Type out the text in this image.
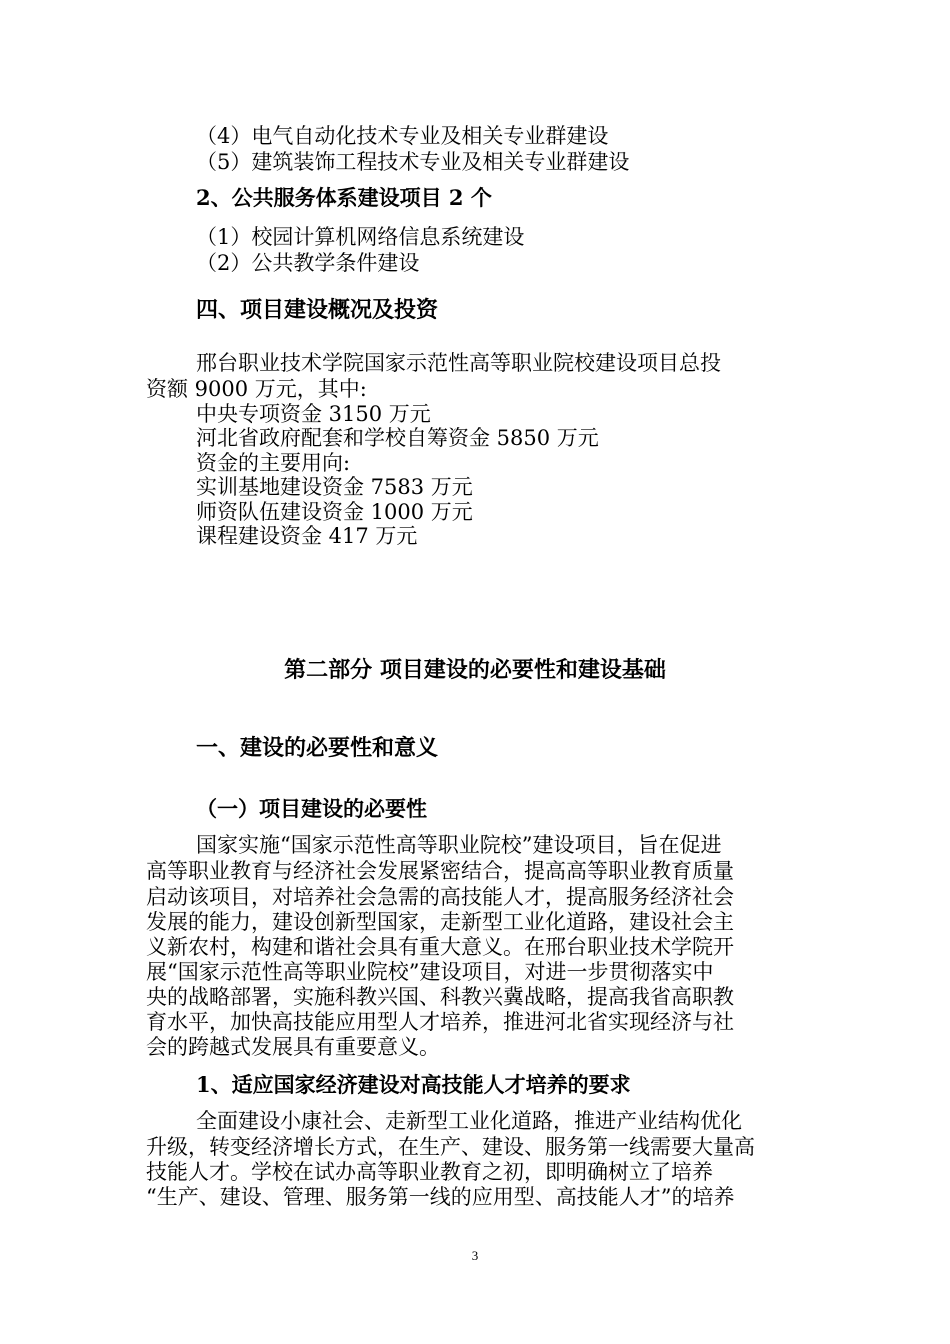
（4）电气自动化技术专业及相关专业群建设
（5）建筑装饰工程技术专业及相关专业群建设
2、公共服务体系建设项目 2 个
（1）校园计算机网络信息系统建设
（2）公共教学条件建设
四、项目建设概况及投资
邢台职业技术学院国家示范性高等职业院校建设项目总投
资额 9000 万元，其中:
中央专项资金 3150 万元
河北省政府配套和学校自筹资金 5850 万元
资金的主要用向:
实训基地建设资金 7583 万元
师资队伍建设资金 1000 万元
课程建设资金 417 万元
第二部分 项目建设的必要性和建设基础
一、建设的必要性和意义
（一）项目建设的必要性
国家实施“国家示范性高等职业院校”建设项目，旨在促进
高等职业教育与经济社会发展紧密结合，提高高等职业教育质量
启动该项目，对培养社会急需的高技能人才，提高服务经济社会
发展的能力，建设创新型国家，走新型工业化道路，建设社会主
义新农村，构建和谐社会具有重大意义。在邢台职业技术学院开
展“国家示范性高等职业院校”建设项目，对进一步贯彻落实中
央的战略部署，实施科教兴国、科教兴冀战略，提高我省高职教
育水平，加快高技能应用型人才培养，推进河北省实现经济与社
会的跨越式发展具有重要意义。
1、适应国家经济建设对高技能人才培养的要求
全面建设小康社会、走新型工业化道路，推进产业结构优化
升级，转变经济增长方式，在生产、建设、服务第一线需要大量高
技能人才。学校在试办高等职业教育之初，即明确树立了培养
“生产、建设、管理、服务第一线的应用型、高技能人才”的培养
3
